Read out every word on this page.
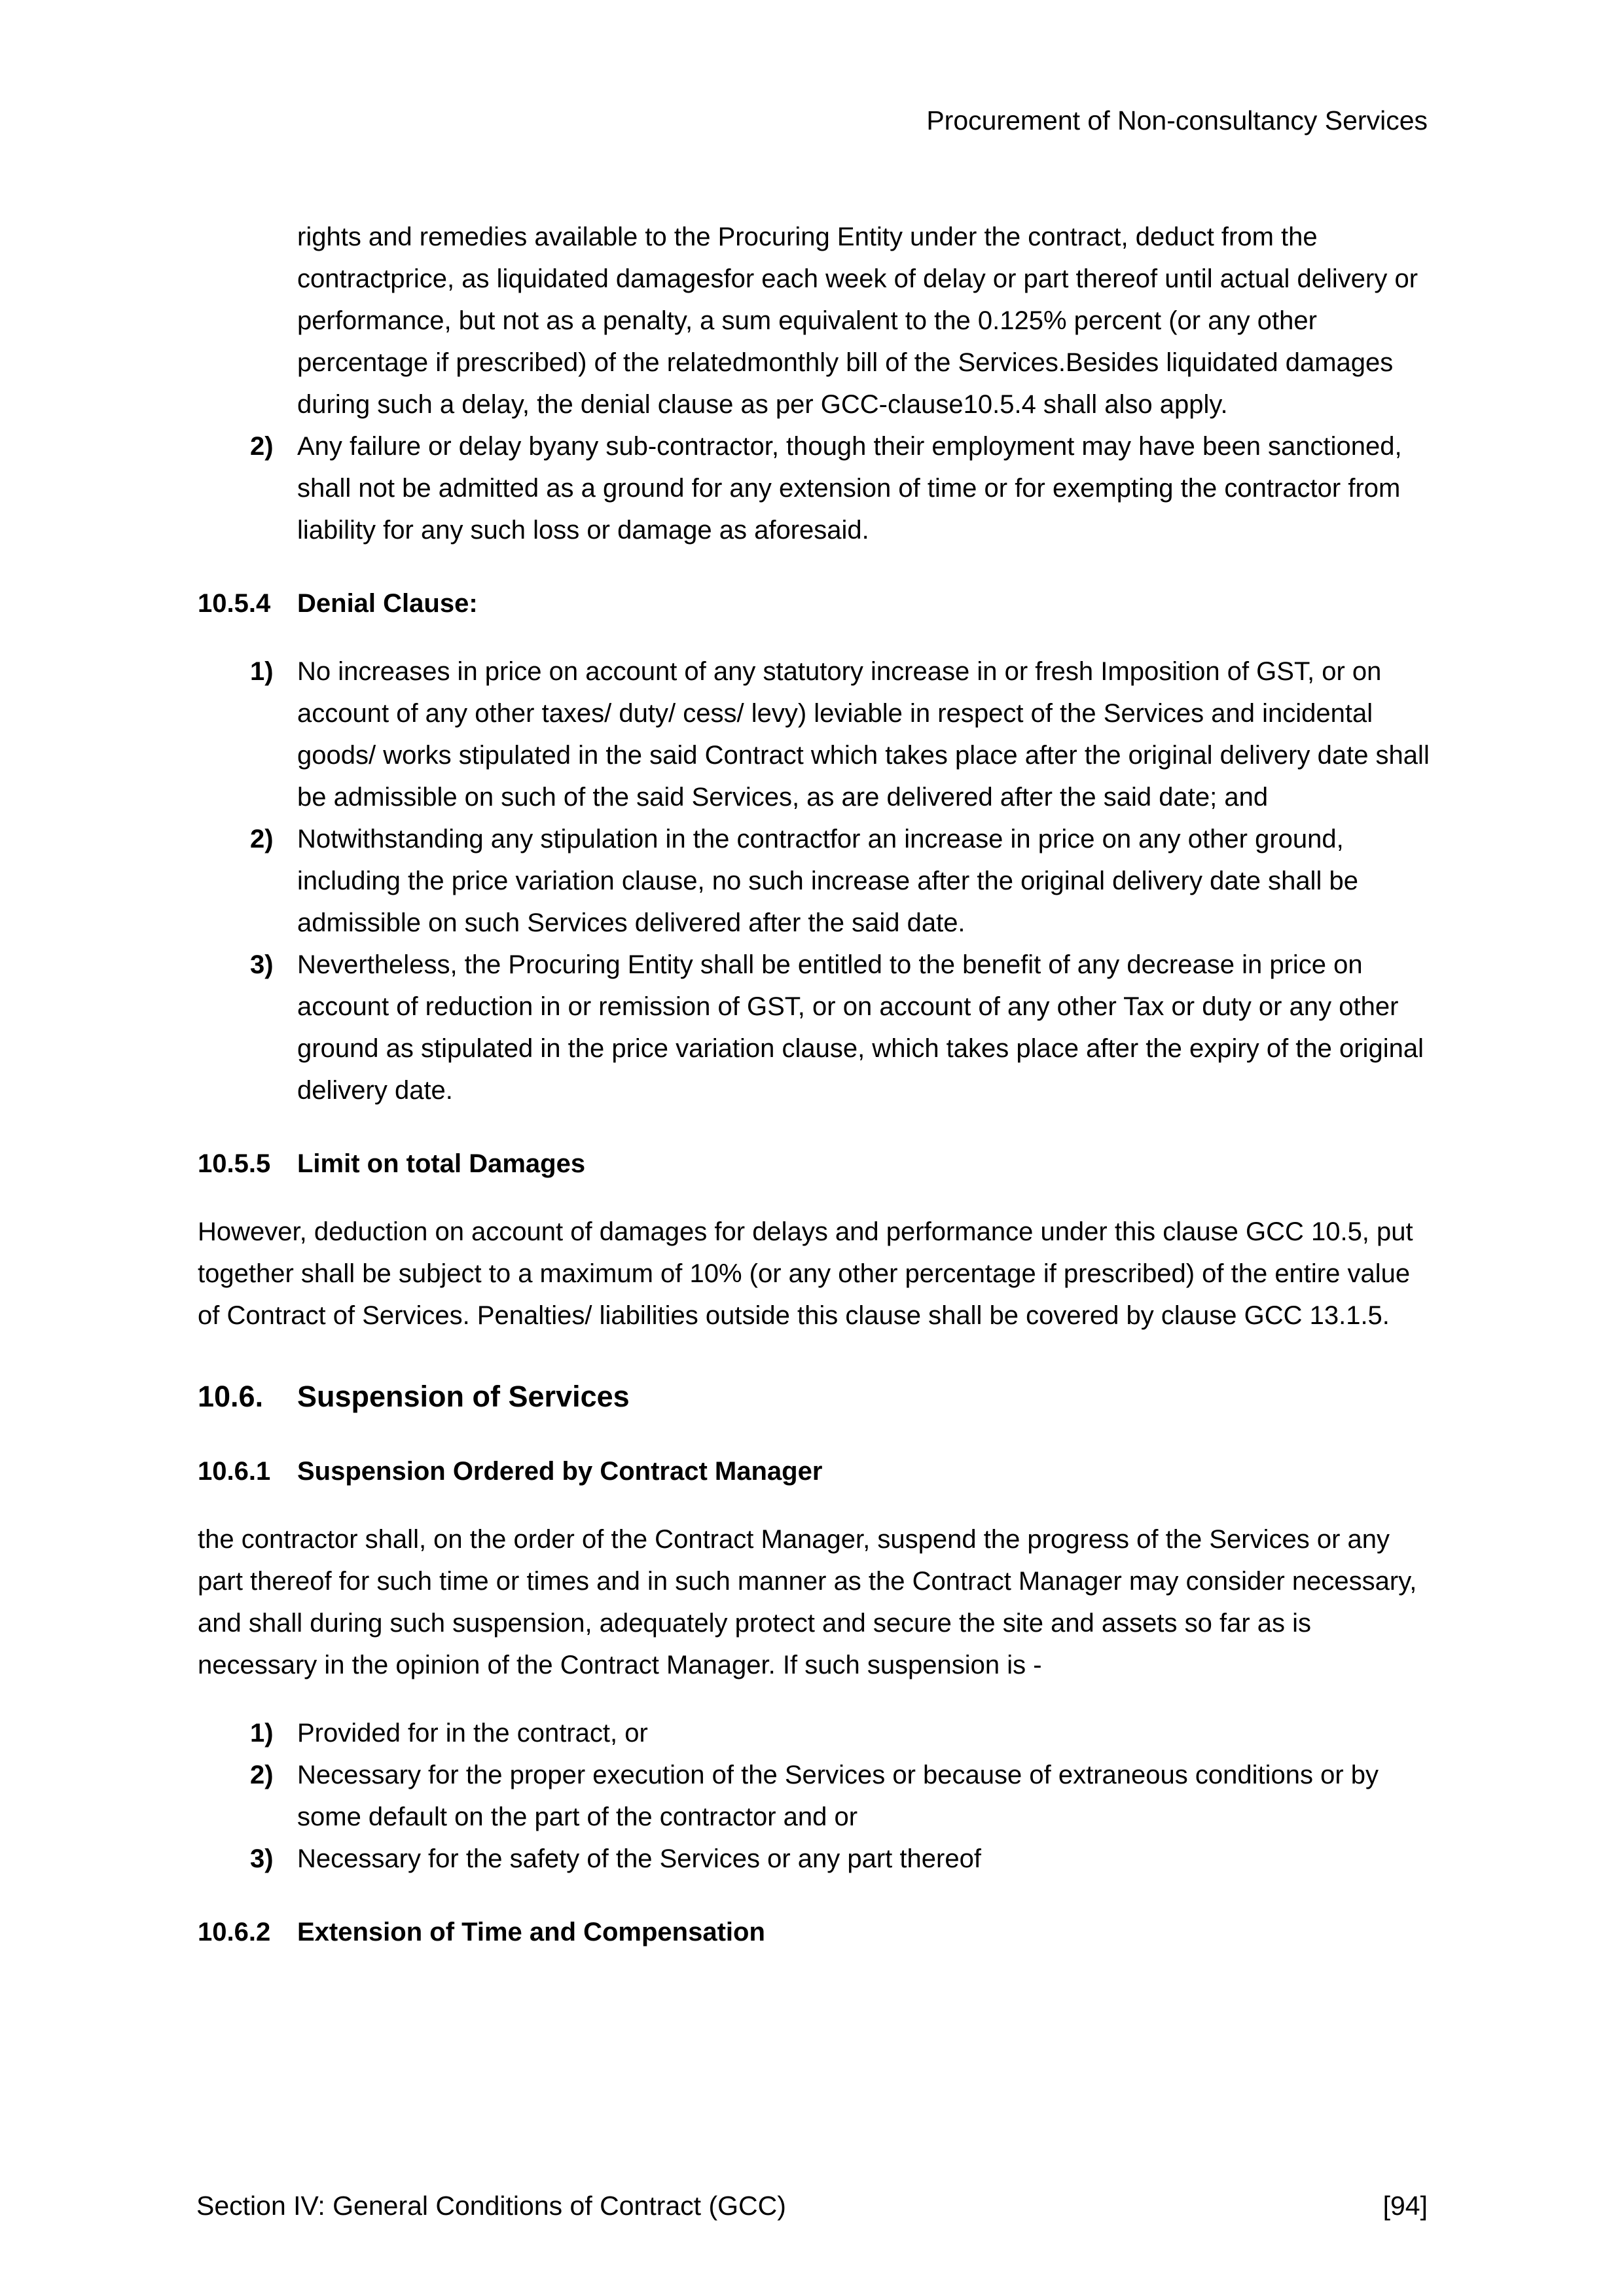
Procurement of Non-consultancy Services

rights and remedies available to the Procuring Entity under the contract, deduct from the contractprice, as liquidated damagesfor each week of delay or part thereof until actual delivery or performance, but not as a penalty, a sum equivalent to the 0.125% percent (or any other percentage if prescribed) of the relatedmonthly bill of the Services.Besides liquidated damages during such a delay, the denial clause as per GCC-clause10.5.4 shall also apply.

2) Any failure or delay byany sub-contractor, though their employment may have been sanctioned, shall not be admitted as a ground for any extension of time or for exempting the contractor from liability for any such loss or damage as aforesaid.
10.5.4	Denial Clause:
1) No increases in price on account of any statutory increase in or fresh Imposition of GST, or on account of any other taxes/ duty/ cess/ levy) leviable in respect of the Services and incidental goods/ works stipulated in the said Contract which takes place after the original delivery date shall be admissible on such of the said Services, as are delivered after the said date; and
2) Notwithstanding any stipulation in the contractfor an increase in price on any other ground, including the price variation clause, no such increase after the original delivery date shall be admissible on such Services delivered after the said date.
3) Nevertheless, the Procuring Entity shall be entitled to the benefit of any decrease in price on account of reduction in or remission of GST, or on account of any other Tax or duty or any other ground as stipulated in the price variation clause, which takes place after the expiry of the original delivery date.
10.5.5	Limit on total Damages

However, deduction on account of damages for delays and performance under this clause GCC 10.5, put together shall be subject to a maximum of 10% (or any other percentage if prescribed) of the entire value of Contract of Services. Penalties/ liabilities outside this clause shall be covered by clause GCC 13.1.5.

10.6.	Suspension of Services
10.6.1	Suspension Ordered by Contract Manager

the contractor shall, on the order of the Contract Manager, suspend the progress of the Services or any part thereof for such time or times and in such manner as the Contract Manager may consider necessary, and shall during such suspension, adequately protect and secure the site and assets so far as is necessary in the opinion of the Contract Manager. If such suspension is -

1) Provided for in the contract, or
2) Necessary for the proper execution of the Services or because of extraneous conditions or by some default on the part of the contractor and or
3) Necessary for the safety of the Services or any part thereof
10.6.2	Extension of Time and Compensation
Section IV: General Conditions of Contract (GCC)	[94]
